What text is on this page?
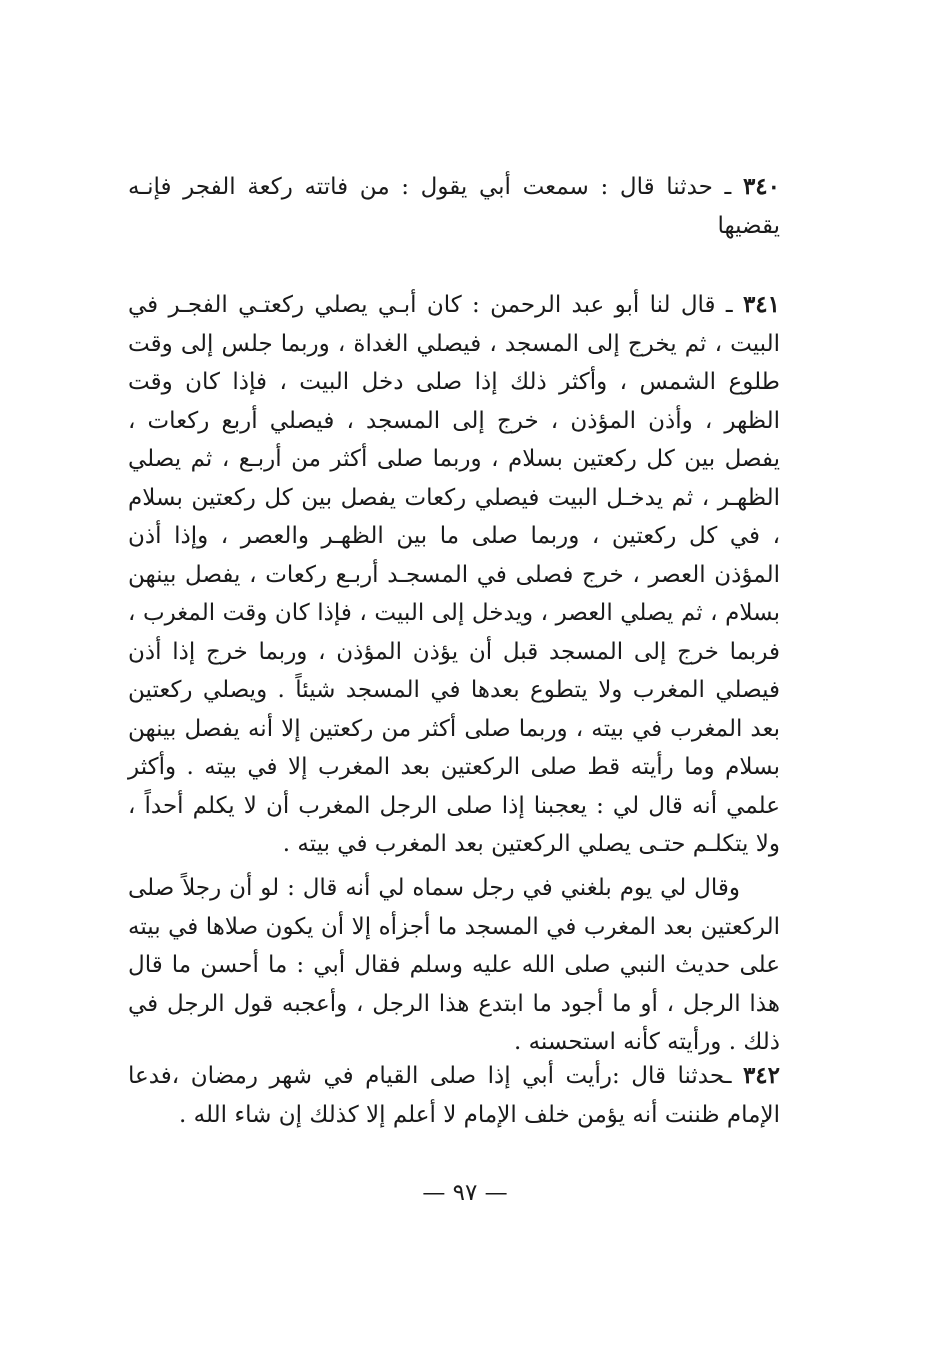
٣٤٠ ـ حدثنا قال : سمعت أبي يقول : من فاتته ركعة الفجر فإنـه يقضيها

٣٤١ ـ قال لنا أبو عبد الرحمن : كان أبـي يصلي ركعتـي الفجـر في البيت ، ثم يخرج إلى المسجد ، فيصلي الغداة ، وربما جلس إلى وقت طلوع الشمس ، وأكثر ذلك إذا صلى دخل البيت ، فإذا كان وقت الظهر ، وأذن المؤذن ، خرج إلى المسجد ، فيصلي أربع ركعات ، يفصل بين كل ركعتين بسلام ، وربما صلى أكثر من أربـع ، ثم يصلي الظهـر ، ثم يدخـل البيت فيصلي ركعات يفصل بين كل ركعتين بسلام ، في كل ركعتين ، وربما صلى ما بين الظهـر والعصر ، وإذا أذن المؤذن العصر ، خرج فصلى في المسجـد أربـع ركعات ، يفصل بينهن بسلام ، ثم يصلي العصر ، ويدخل إلى البيت ، فإذا كان وقت المغرب ، فربما خرج إلى المسجد قبل أن يؤذن المؤذن ، وربما خرج إذا أذن فيصلي المغرب ولا يتطوع بعدها في المسجد شيئاً . ويصلي ركعتين بعد المغرب في بيته ، وربما صلى أكثر من ركعتين إلا أنه يفصل بينهن بسلام وما رأيته قط صلى الركعتين بعد المغرب إلا في بيته . وأكثر علمي أنه قال لي : يعجبنا إذا صلى الرجل المغرب أن لا يكلم أحداً ، ولا يتكلـم حتـى يصلي الركعتين بعد المغرب في بيته .

وقال لي يوم بلغني في رجل سماه لي أنه قال : لو أن رجلاً صلى الركعتين بعد المغرب في المسجد ما أجزأه إلا أن يكون صلاها في بيته على حديث النبي صلى الله عليه وسلم فقال أبي : ما أحسن ما قال هذا الرجل ، أو ما أجود ما ابتدع هذا الرجل ، وأعجبه قول الرجل في ذلك . ورأيته كأنه استحسنه .

٣٤٢ ـحدثنا قال :رأيت أبي إذا صلى القيام في شهر رمضان ،فدعا الإمام ظننت أنه يؤمن خلف الإمام لا أعلم إلا كذلك إن شاء الله .

— ٩٧ —
